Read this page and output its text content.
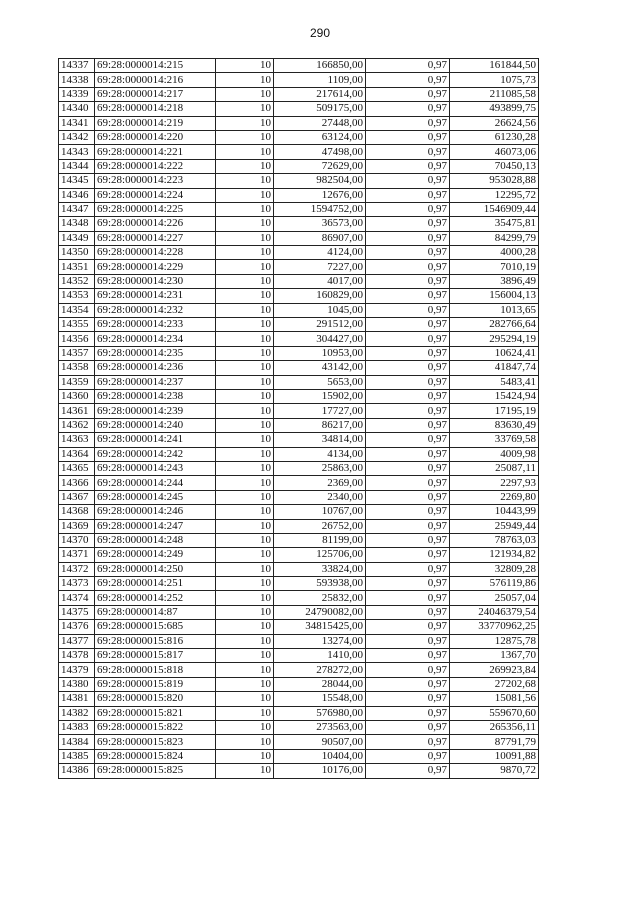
290
14337	69:28:0000014:215	10	166850,00	0,97	161844,50
14338	69:28:0000014:216	10	1109,00	0,97	1075,73
14339	69:28:0000014:217	10	217614,00	0,97	211085,58
14340	69:28:0000014:218	10	509175,00	0,97	493899,75
14341	69:28:0000014:219	10	27448,00	0,97	26624,56
14342	69:28:0000014:220	10	63124,00	0,97	61230,28
14343	69:28:0000014:221	10	47498,00	0,97	46073,06
14344	69:28:0000014:222	10	72629,00	0,97	70450,13
14345	69:28:0000014:223	10	982504,00	0,97	953028,88
14346	69:28:0000014:224	10	12676,00	0,97	12295,72
14347	69:28:0000014:225	10	1594752,00	0,97	1546909,44
14348	69:28:0000014:226	10	36573,00	0,97	35475,81
14349	69:28:0000014:227	10	86907,00	0,97	84299,79
14350	69:28:0000014:228	10	4124,00	0,97	4000,28
14351	69:28:0000014:229	10	7227,00	0,97	7010,19
14352	69:28:0000014:230	10	4017,00	0,97	3896,49
14353	69:28:0000014:231	10	160829,00	0,97	156004,13
14354	69:28:0000014:232	10	1045,00	0,97	1013,65
14355	69:28:0000014:233	10	291512,00	0,97	282766,64
14356	69:28:0000014:234	10	304427,00	0,97	295294,19
14357	69:28:0000014:235	10	10953,00	0,97	10624,41
14358	69:28:0000014:236	10	43142,00	0,97	41847,74
14359	69:28:0000014:237	10	5653,00	0,97	5483,41
14360	69:28:0000014:238	10	15902,00	0,97	15424,94
14361	69:28:0000014:239	10	17727,00	0,97	17195,19
14362	69:28:0000014:240	10	86217,00	0,97	83630,49
14363	69:28:0000014:241	10	34814,00	0,97	33769,58
14364	69:28:0000014:242	10	4134,00	0,97	4009,98
14365	69:28:0000014:243	10	25863,00	0,97	25087,11
14366	69:28:0000014:244	10	2369,00	0,97	2297,93
14367	69:28:0000014:245	10	2340,00	0,97	2269,80
14368	69:28:0000014:246	10	10767,00	0,97	10443,99
14369	69:28:0000014:247	10	26752,00	0,97	25949,44
14370	69:28:0000014:248	10	81199,00	0,97	78763,03
14371	69:28:0000014:249	10	125706,00	0,97	121934,82
14372	69:28:0000014:250	10	33824,00	0,97	32809,28
14373	69:28:0000014:251	10	593938,00	0,97	576119,86
14374	69:28:0000014:252	10	25832,00	0,97	25057,04
14375	69:28:0000014:87	10	24790082,00	0,97	24046379,54
14376	69:28:0000015:685	10	34815425,00	0,97	33770962,25
14377	69:28:0000015:816	10	13274,00	0,97	12875,78
14378	69:28:0000015:817	10	1410,00	0,97	1367,70
14379	69:28:0000015:818	10	278272,00	0,97	269923,84
14380	69:28:0000015:819	10	28044,00	0,97	27202,68
14381	69:28:0000015:820	10	15548,00	0,97	15081,56
14382	69:28:0000015:821	10	576980,00	0,97	559670,60
14383	69:28:0000015:822	10	273563,00	0,97	265356,11
14384	69:28:0000015:823	10	90507,00	0,97	87791,79
14385	69:28:0000015:824	10	10404,00	0,97	10091,88
14386	69:28:0000015:825	10	10176,00	0,97	9870,72
